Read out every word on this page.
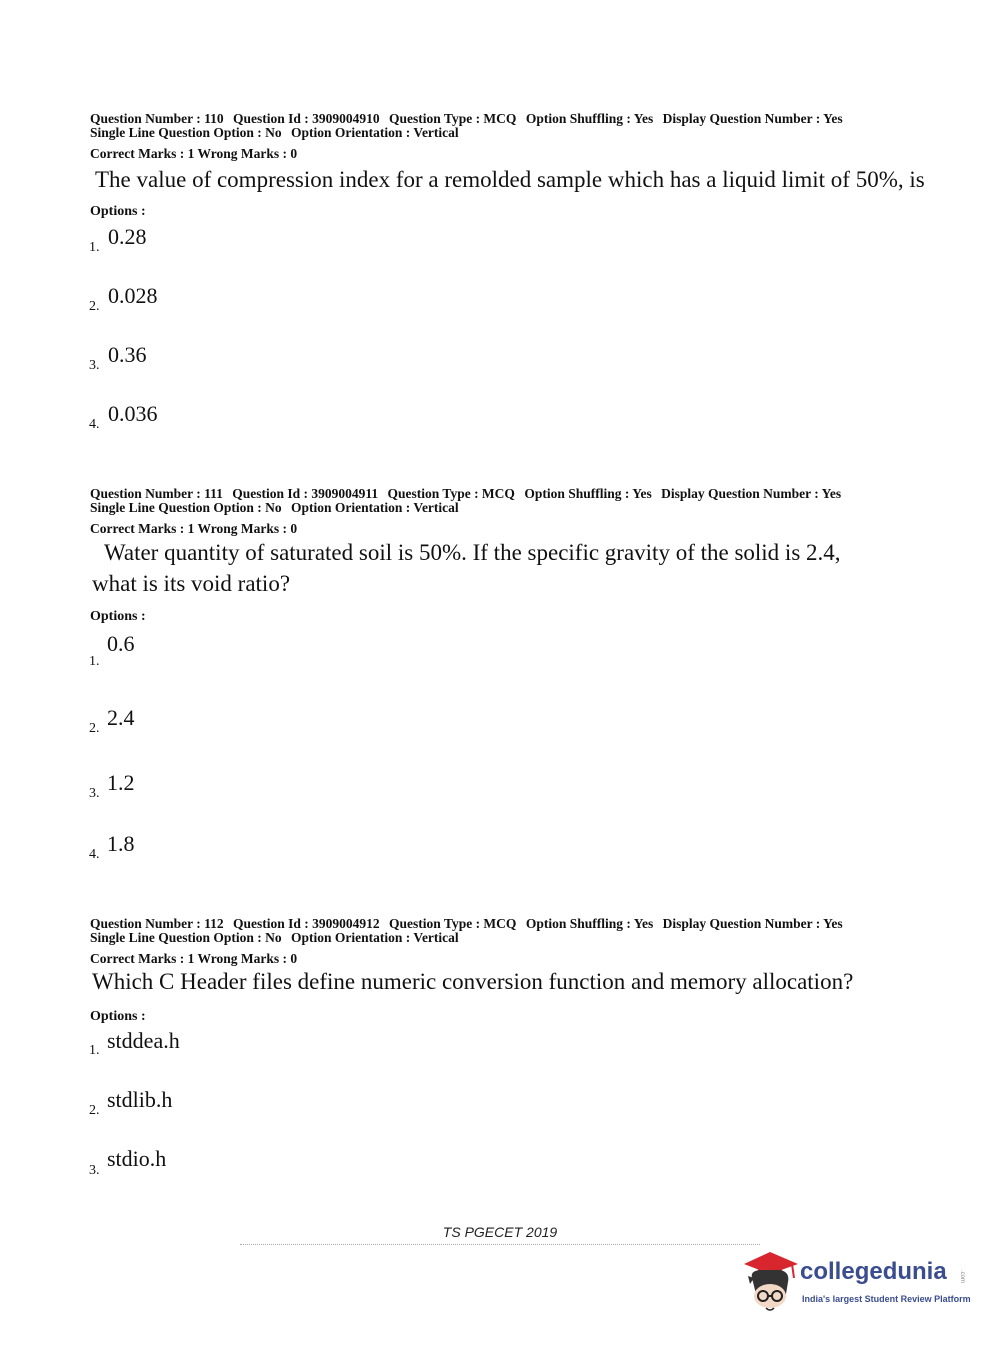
Question Number : 110 Question Id : 3909004910 Question Type : MCQ Option Shuffling : Yes Display Question Number : Yes
Single Line Question Option : No Option Orientation : Vertical
Correct Marks : 1 Wrong Marks : 0
The value of compression index for a remolded sample which has a liquid limit of 50%, is
Options :
1. 0.28
2. 0.028
3. 0.36
4. 0.036
Question Number : 111 Question Id : 3909004911 Question Type : MCQ Option Shuffling : Yes Display Question Number : Yes
Single Line Question Option : No Option Orientation : Vertical
Correct Marks : 1 Wrong Marks : 0
Water quantity of saturated soil is 50%. If the specific gravity of the solid is 2.4,
what is its void ratio?
Options :
1.
0.6
2. 2.4
3. 1.2
4. 1.8
Question Number : 112 Question Id : 3909004912 Question Type : MCQ Option Shuffling : Yes Display Question Number : Yes
Single Line Question Option : No Option Orientation : Vertical
Correct Marks : 1 Wrong Marks : 0
Which C Header files define numeric conversion function and memory allocation?
Options :
1. stddea.h
2. stdlib.h
3. stdio.h
TS PGECET 2019
collegedunia .com
India's largest Student Review Platform
